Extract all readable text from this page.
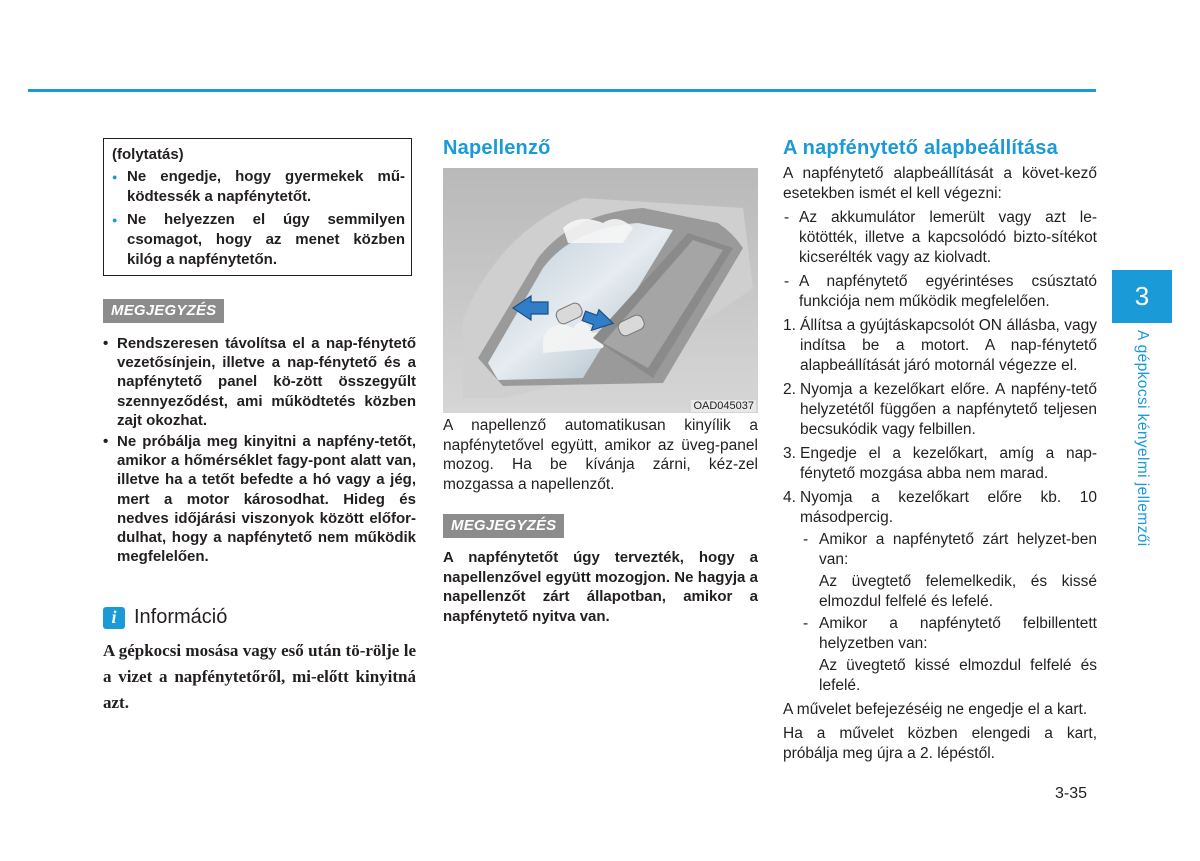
(folytatás)

● Ne engedje, hogy gyermekek mű-ködtessék a napfénytetőt.
● Ne helyezzen el úgy semmilyen csomagot, hogy az menet közben kilóg a napfénytetőn.
MEGJEGYZÉS
• Rendszeresen távolítsa el a nap-fénytető vezetősínjein, illetve a nap-fénytető és a napfénytető panel kö-zött összegyűlt szennyeződést, ami működtetés közben zajt okozhat.
• Ne próbálja meg kinyitni a napfény-tetőt, amikor a hőmérséklet fagy-pont alatt van, illetve ha a tetőt befedte a hó vagy a jég, mert a motor károsodhat. Hideg és nedves időjárási viszonyok között előfor-dulhat, hogy a napfénytető nem működik megfelelően.
i Információ

A gépkocsi mosása vagy eső után tö-rölje le a vizet a napfénytetőről, mi-előtt kinyitná azt.

Napellenző
OAD045037

A napellenző automatikusan kinyílik a napfénytetővel együtt, amikor az üveg-panel mozog. Ha be kívánja zárni, kéz-zel mozgassa a napellenzőt.

MEGJEGYZÉS

A napfénytetőt úgy tervezték, hogy a napellenzővel együtt mozogjon. Ne hagyja a napellenzőt zárt állapotban, amikor a napfénytető nyitva van.

A napfénytető alapbeállítása
A napfénytető alapbeállítását a követ-kező esetekben ismét el kell végezni:
- Az akkumulátor lemerült vagy azt le-kötötték, illetve a kapcsolódó bizto-sítékot kicserélték vagy az kiolvadt.
- A napfénytető egyérintéses csúsztató funkciója nem működik megfelelően.
1. Állítsa a gyújtáskapcsolót ON állásba, vagy indítsa be a motort. A nap-fénytető alapbeállítását járó motornál végezze el.
2. Nyomja a kezelőkart előre. A napfény-tető helyzetétől függően a napfénytető teljesen becsukódik vagy felbillen.
3. Engedje el a kezelőkart, amíg a nap-fénytető mozgása abba nem marad.
4. Nyomja a kezelőkart előre kb. 10 másodpercig.
- Amikor a napfénytető zárt helyzet-ben van:
Az üvegtető felemelkedik, és kissé elmozdul felfelé és lefelé.
- Amikor a napfénytető felbillentett helyzetben van:
Az üvegtető kissé elmozdul felfelé és lefelé.
A művelet befejezéséig ne engedje el a kart.
Ha a művelet közben elengedi a kart, próbálja meg újra a 2. lépéstől.
3
A gépkocsi kényelmi jellemzői
3-35
